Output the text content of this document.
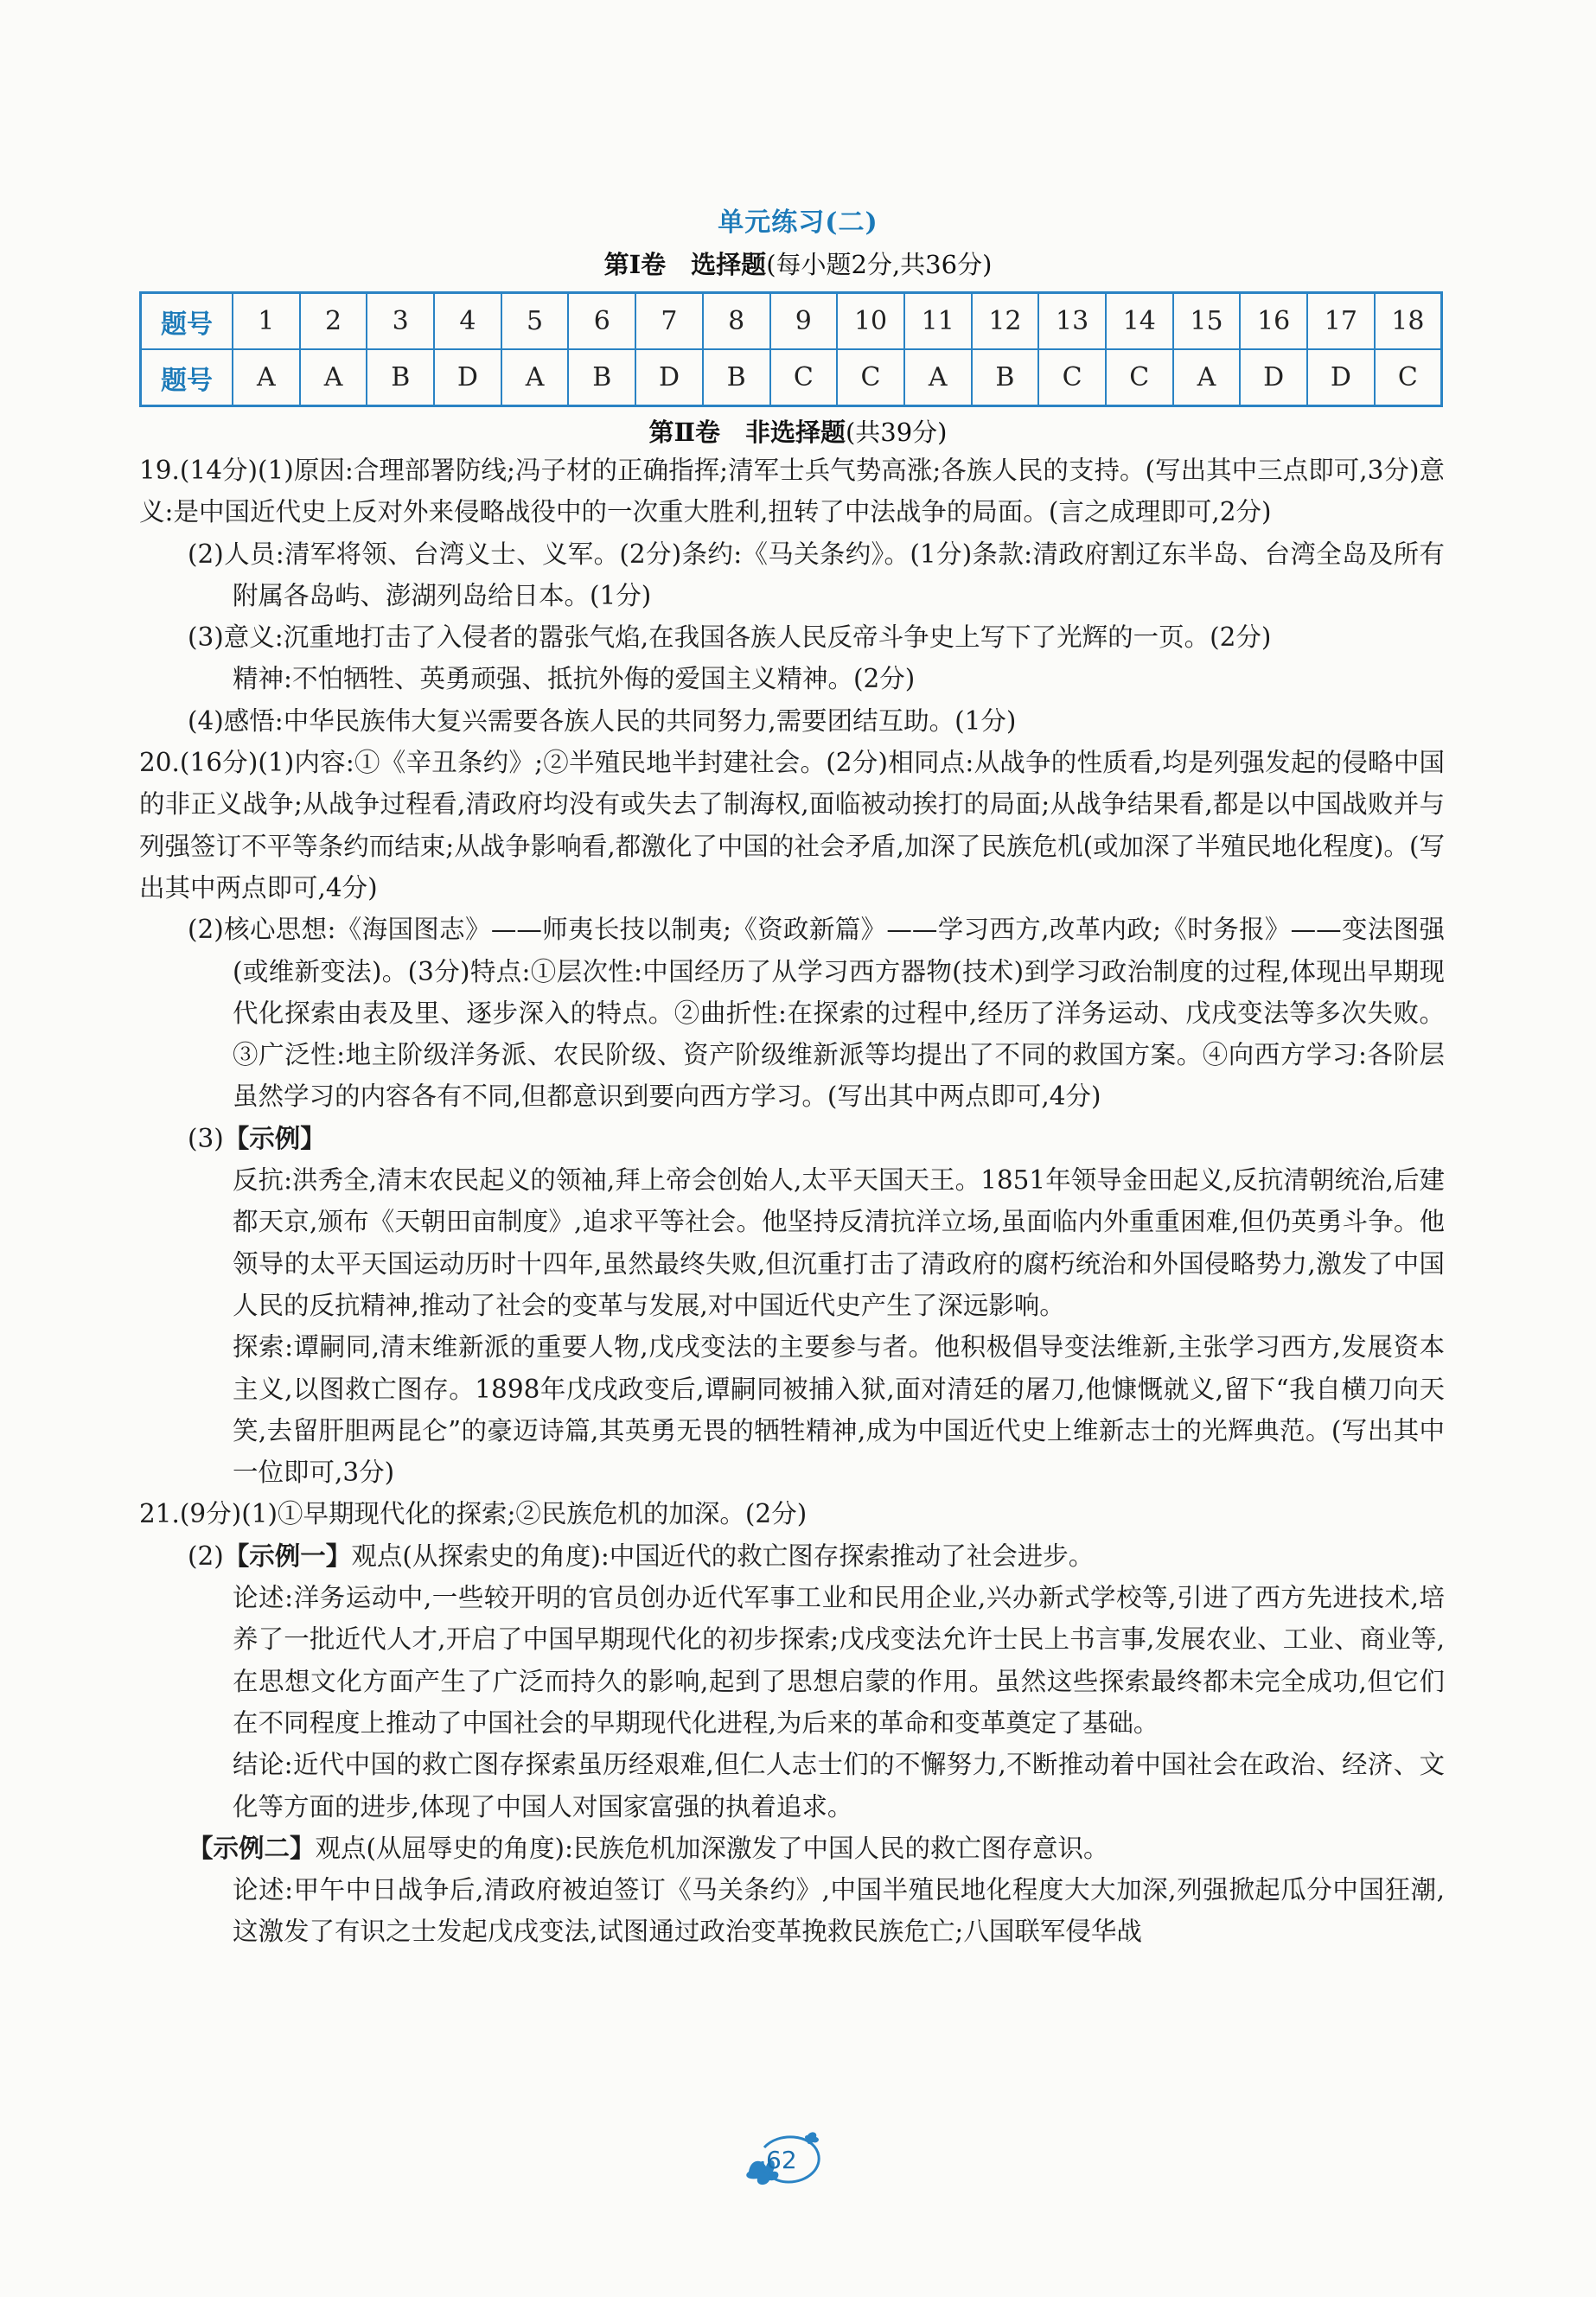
单元练习(二)
第Ⅰ卷　选择题(每小题2分,共36分)
题号	1	2	3	4	5	6	7	8	9	10	11	12	13	14	15	16	17	18
题号	A	A	B	D	A	B	D	B	C	C	A	B	C	C	A	D	D	C
第Ⅱ卷　非选择题(共39分)

19.(14分)(1)原因:合理部署防线;冯子材的正确指挥;清军士兵气势高涨;各族人民的支持。(写出其中三点即可,3分)意义:是中国近代史上反对外来侵略战役中的一次重大胜利,扭转了中法战争的局面。(言之成理即可,2分)

(2)人员:清军将领、台湾义士、义军。(2分)条约:《马关条约》。(1分)条款:清政府割辽东半岛、台湾全岛及所有附属各岛屿、澎湖列岛给日本。(1分)

(3)意义:沉重地打击了入侵者的嚣张气焰,在我国各族人民反帝斗争史上写下了光辉的一页。(2分)

精神:不怕牺牲、英勇顽强、抵抗外侮的爱国主义精神。(2分)

(4)感悟:中华民族伟大复兴需要各族人民的共同努力,需要团结互助。(1分)

20.(16分)(1)内容:①《辛丑条约》;②半殖民地半封建社会。(2分)相同点:从战争的性质看,均是列强发起的侵略中国的非正义战争;从战争过程看,清政府均没有或失去了制海权,面临被动挨打的局面;从战争结果看,都是以中国战败并与列强签订不平等条约而结束;从战争影响看,都激化了中国的社会矛盾,加深了民族危机(或加深了半殖民地化程度)。(写出其中两点即可,4分)

(2)核心思想:《海国图志》——师夷长技以制夷;《资政新篇》——学习西方,改革内政;《时务报》——变法图强(或维新变法)。(3分)特点:①层次性:中国经历了从学习西方器物(技术)到学习政治制度的过程,体现出早期现代化探索由表及里、逐步深入的特点。②曲折性:在探索的过程中,经历了洋务运动、戊戌变法等多次失败。③广泛性:地主阶级洋务派、农民阶级、资产阶级维新派等均提出了不同的救国方案。④向西方学习:各阶层虽然学习的内容各有不同,但都意识到要向西方学习。(写出其中两点即可,4分)

(3)【示例】

反抗:洪秀全,清末农民起义的领袖,拜上帝会创始人,太平天国天王。1851年领导金田起义,反抗清朝统治,后建都天京,颁布《天朝田亩制度》,追求平等社会。他坚持反清抗洋立场,虽面临内外重重困难,但仍英勇斗争。他领导的太平天国运动历时十四年,虽然最终失败,但沉重打击了清政府的腐朽统治和外国侵略势力,激发了中国人民的反抗精神,推动了社会的变革与发展,对中国近代史产生了深远影响。

探索:谭嗣同,清末维新派的重要人物,戊戌变法的主要参与者。他积极倡导变法维新,主张学习西方,发展资本主义,以图救亡图存。1898年戊戌政变后,谭嗣同被捕入狱,面对清廷的屠刀,他慷慨就义,留下“我自横刀向天笑,去留肝胆两昆仑”的豪迈诗篇,其英勇无畏的牺牲精神,成为中国近代史上维新志士的光辉典范。(写出其中一位即可,3分)

21.(9分)(1)①早期现代化的探索;②民族危机的加深。(2分)

(2)【示例一】观点(从探索史的角度):中国近代的救亡图存探索推动了社会进步。

论述:洋务运动中,一些较开明的官员创办近代军事工业和民用企业,兴办新式学校等,引进了西方先进技术,培养了一批近代人才,开启了中国早期现代化的初步探索;戊戌变法允许士民上书言事,发展农业、工业、商业等,在思想文化方面产生了广泛而持久的影响,起到了思想启蒙的作用。虽然这些探索最终都未完全成功,但它们在不同程度上推动了中国社会的早期现代化进程,为后来的革命和变革奠定了基础。

结论:近代中国的救亡图存探索虽历经艰难,但仁人志士们的不懈努力,不断推动着中国社会在政治、经济、文化等方面的进步,体现了中国人对国家富强的执着追求。

【示例二】观点(从屈辱史的角度):民族危机加深激发了中国人民的救亡图存意识。

论述:甲午中日战争后,清政府被迫签订《马关条约》,中国半殖民地化程度大大加深,列强掀起瓜分中国狂潮,这激发了有识之士发起戊戌变法,试图通过政治变革挽救民族危亡;八国联军侵华战

62
